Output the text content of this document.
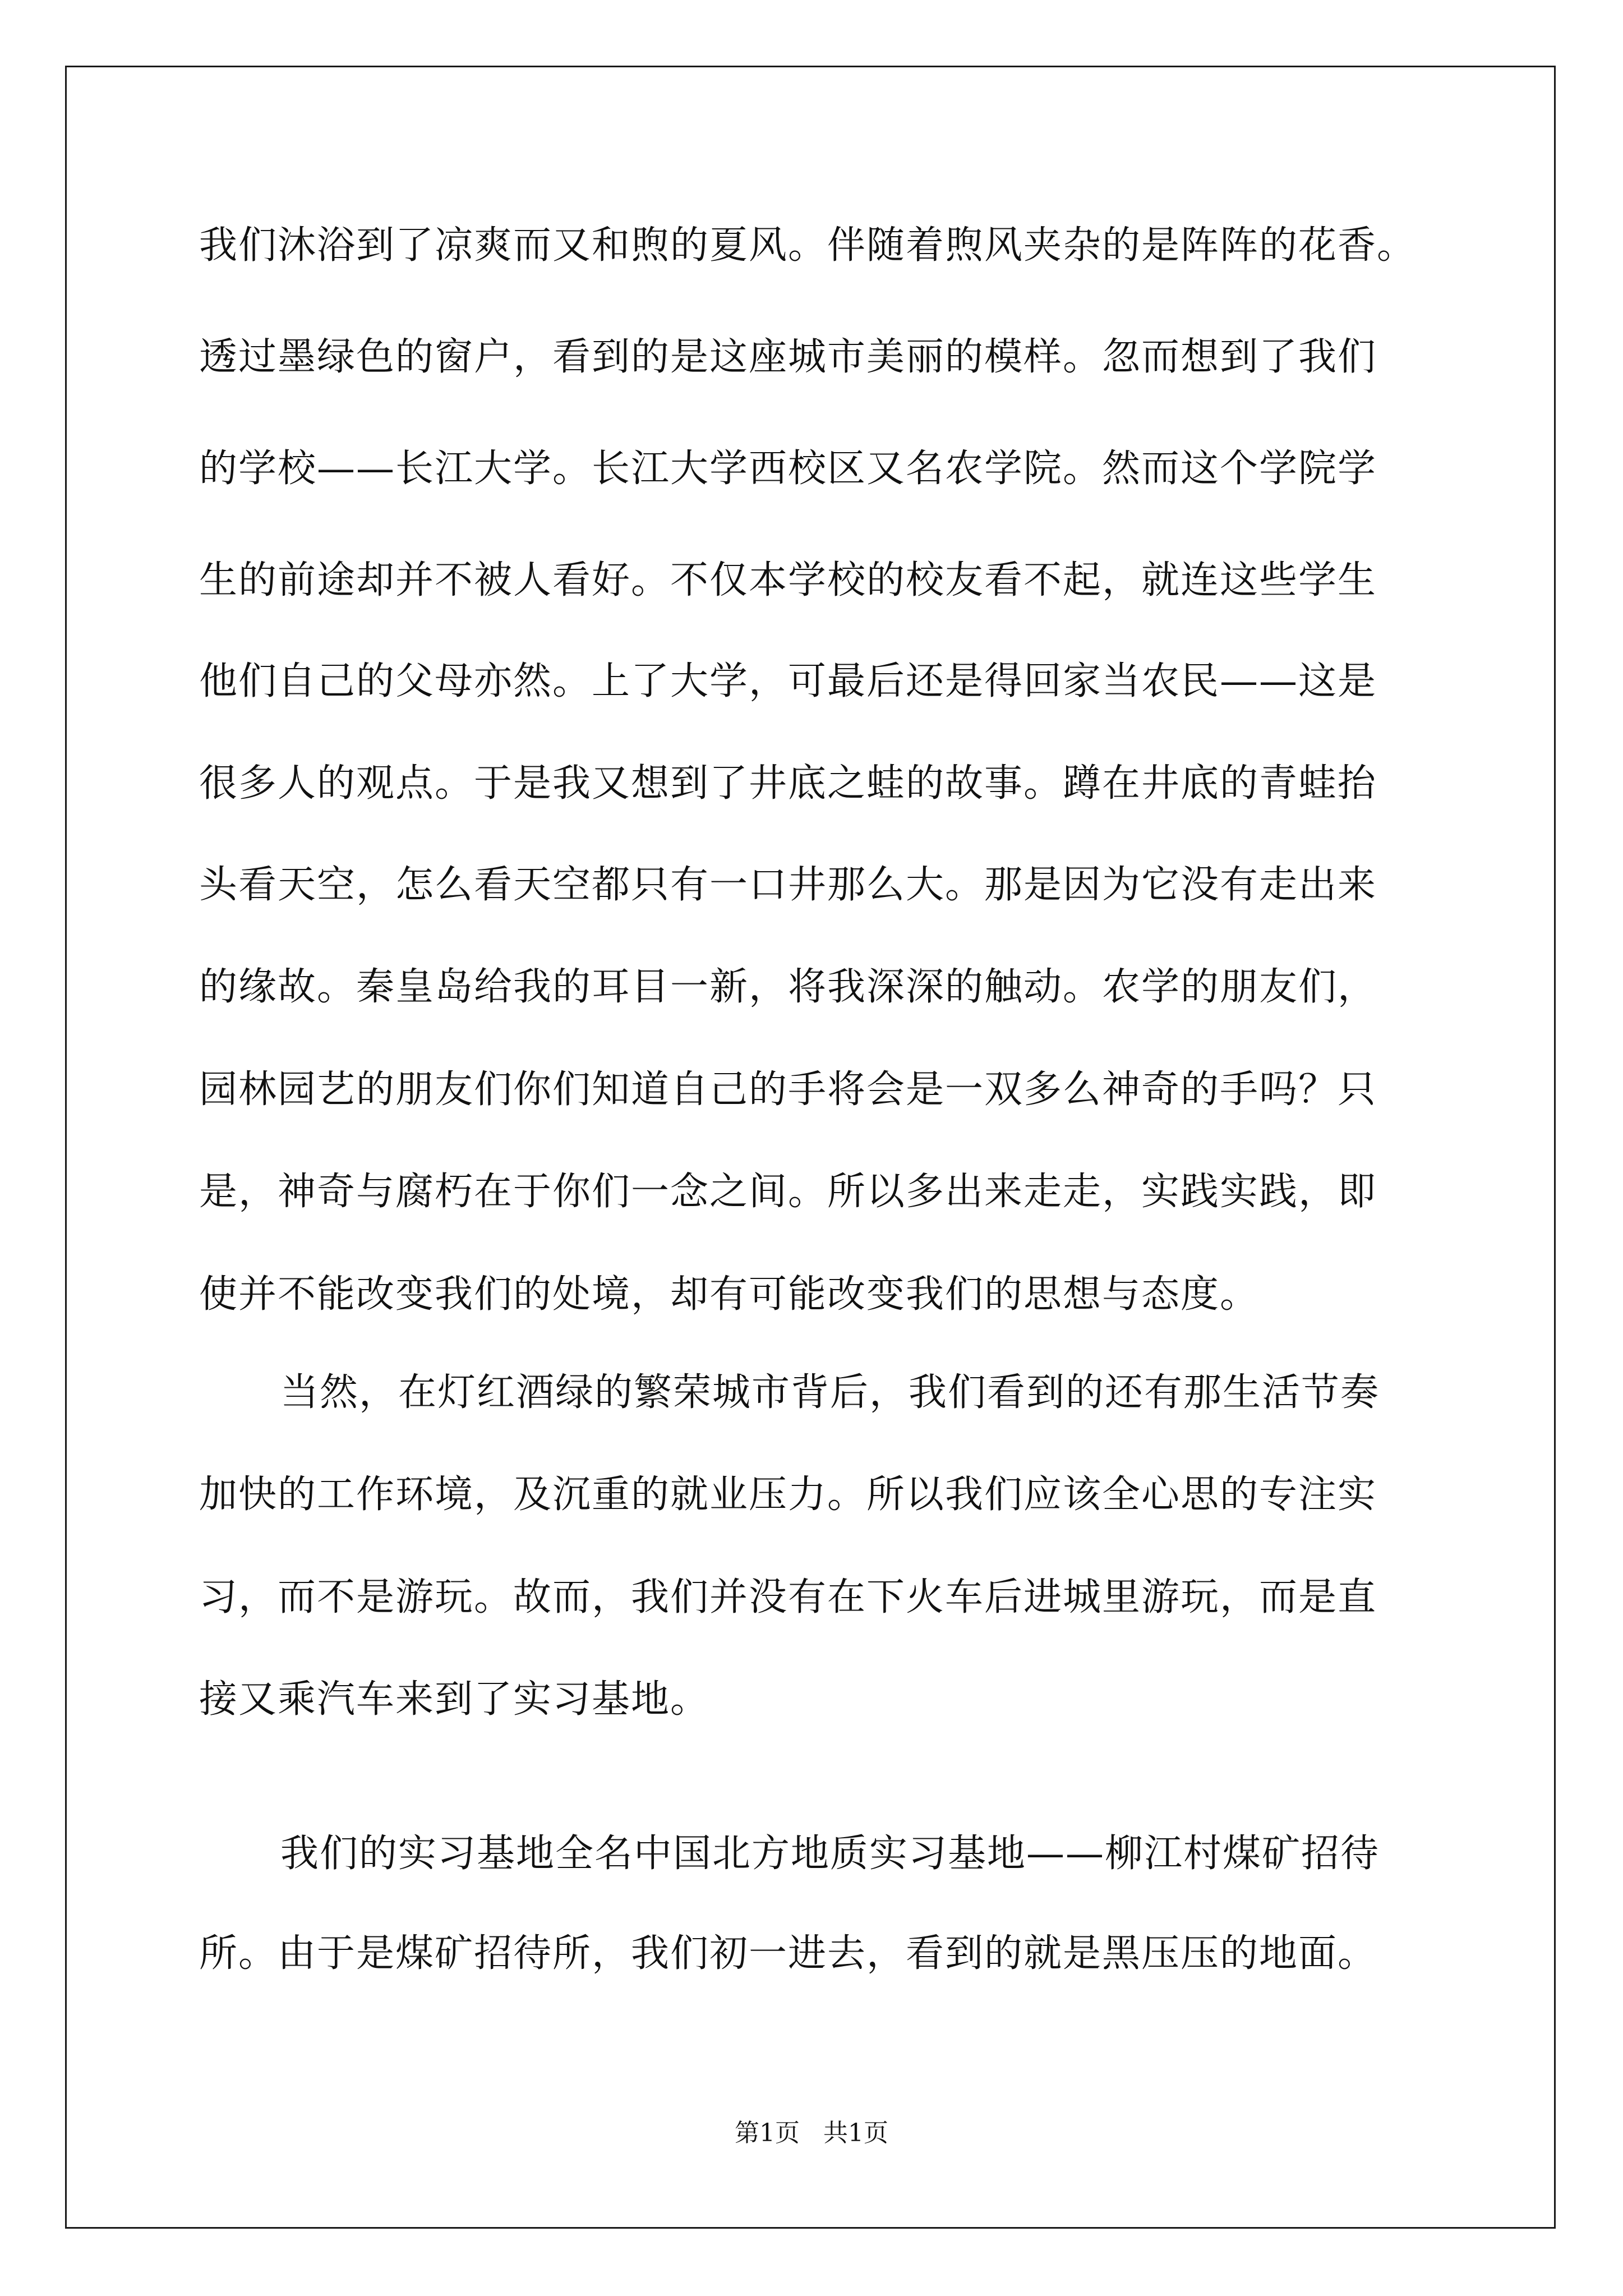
我们沐浴到了凉爽而又和煦的夏风。伴随着煦风夹杂的是阵阵的花香。
透过墨绿色的窗户，看到的是这座城市美丽的模样。忽而想到了我们
的学校——长江大学。长江大学西校区又名农学院。然而这个学院学
生的前途却并不被人看好。不仅本学校的校友看不起，就连这些学生
他们自己的父母亦然。上了大学，可最后还是得回家当农民——这是
很多人的观点。于是我又想到了井底之蛙的故事。蹲在井底的青蛙抬
头看天空，怎么看天空都只有一口井那么大。那是因为它没有走出来
的缘故。秦皇岛给我的耳目一新，将我深深的触动。农学的朋友们，
园林园艺的朋友们你们知道自己的手将会是一双多么神奇的手吗？只
是，神奇与腐朽在于你们一念之间。所以多出来走走，实践实践，即
使并不能改变我们的处境，却有可能改变我们的思想与态度。
当然，在灯红酒绿的繁荣城市背后，我们看到的还有那生活节奏
加快的工作环境，及沉重的就业压力。所以我们应该全心思的专注实
习，而不是游玩。故而，我们并没有在下火车后进城里游玩，而是直
接又乘汽车来到了实习基地。
我们的实习基地全名中国北方地质实习基地——柳江村煤矿招待
所。由于是煤矿招待所，我们初一进去，看到的就是黑压压的地面。
第1页   共1页
